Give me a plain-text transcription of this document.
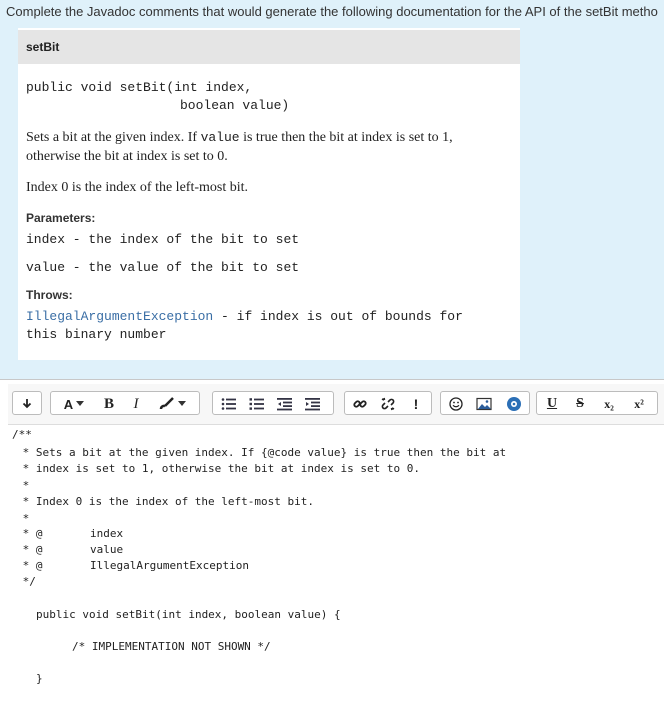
Complete the Javadoc comments that would generate the following documentation for the API of the setBit metho
setBit
public void setBit(int index,
boolean value)
Sets a bit at the given index. If value is true then the bit at index is set to 1,
otherwise the bit at index is set to 0.
Index 0 is the index of the left-most bit.
Parameters:
index - the index of the bit to set
value - the value of the bit to set
Throws:
IllegalArgumentException - if index is out of bounds for this binary number
A	B	I	!	U	S	x₂	x²
/**
* Sets a bit at the given index. If {@code value} is true then the bit at
* index is set to 1, otherwise the bit at index is set to 0.
*
* Index 0 is the index of the left-most bit.
*
* @	index
* @	value
* @	IllegalArgumentException
*/
public void setBit(int index, boolean value) {
/* IMPLEMENTATION NOT SHOWN */
}
